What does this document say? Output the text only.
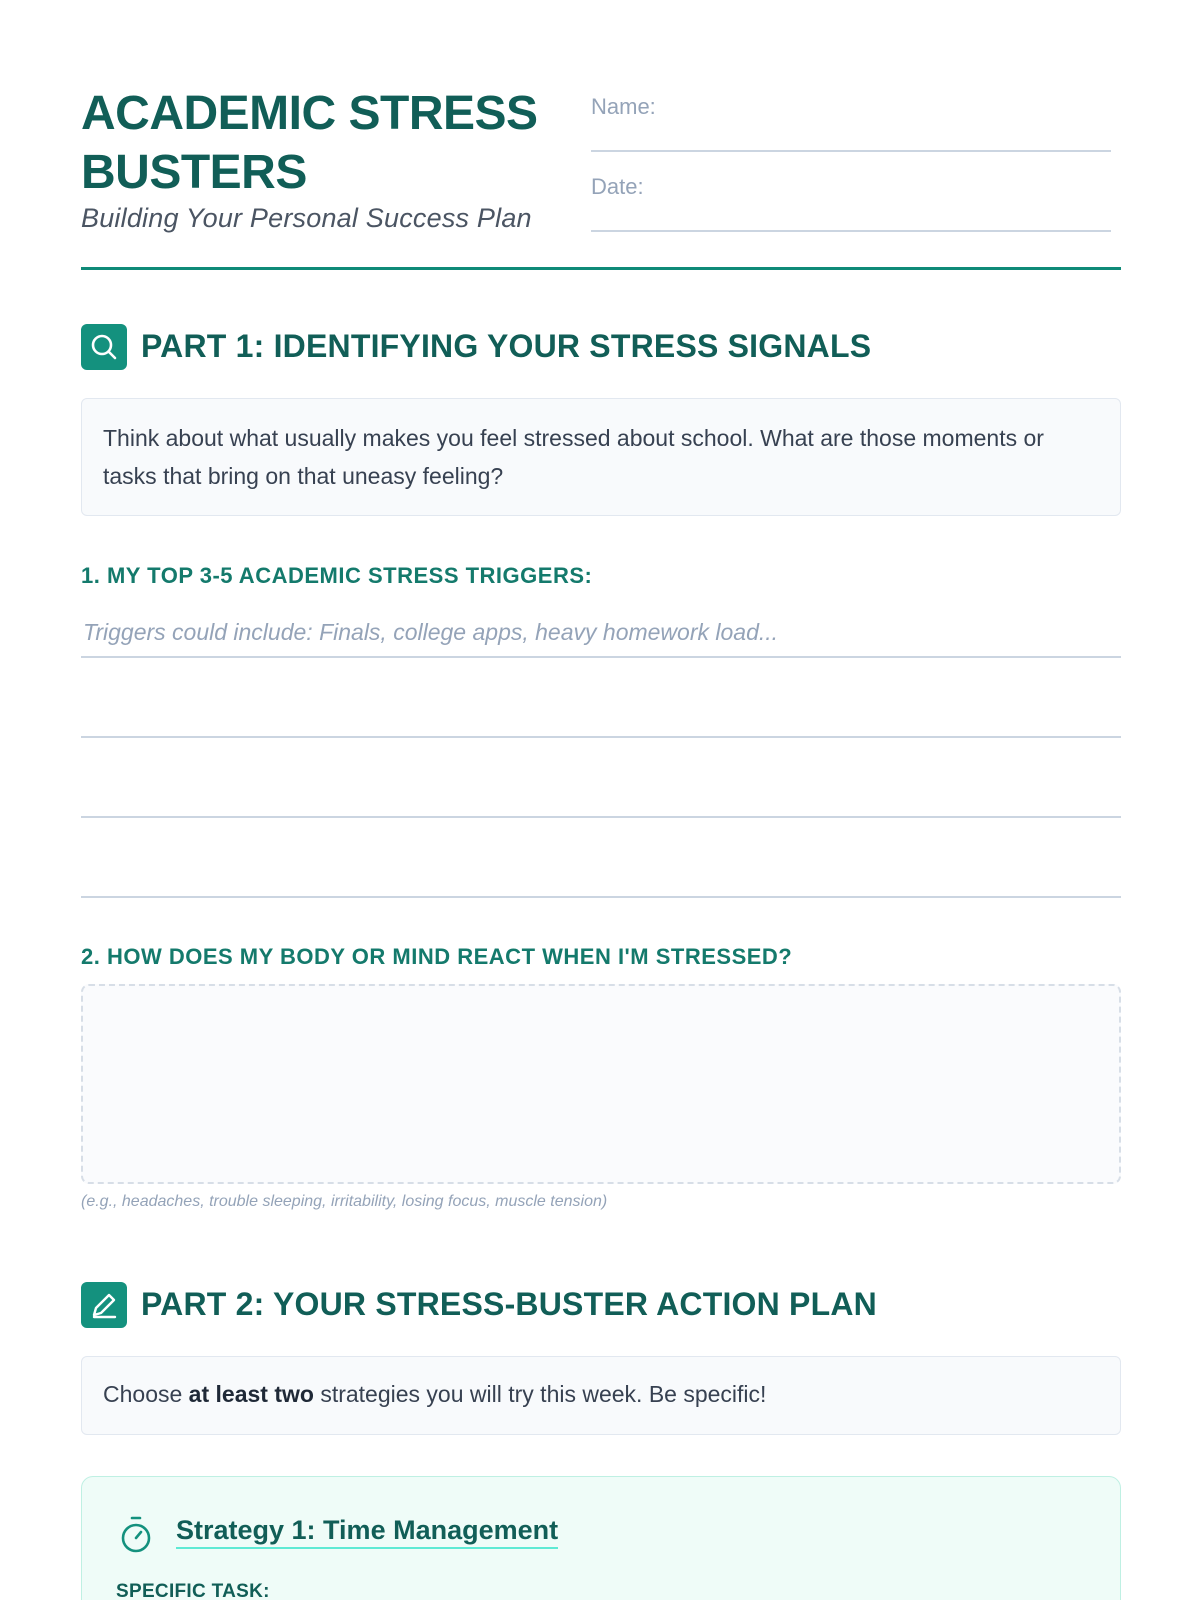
ACADEMIC STRESS BUSTERS
Building Your Personal Success Plan
Name:
Date:
PART 1: IDENTIFYING YOUR STRESS SIGNALS
Think about what usually makes you feel stressed about school. What are those moments or tasks that bring on that uneasy feeling?
1. MY TOP 3-5 ACADEMIC STRESS TRIGGERS:
Triggers could include: Finals, college apps, heavy homework load...
2. HOW DOES MY BODY OR MIND REACT WHEN I'M STRESSED?
(e.g., headaches, trouble sleeping, irritability, losing focus, muscle tension)
PART 2: YOUR STRESS-BUSTER ACTION PLAN
Choose at least two strategies you will try this week. Be specific!
Strategy 1: Time Management
SPECIFIC TASK:
